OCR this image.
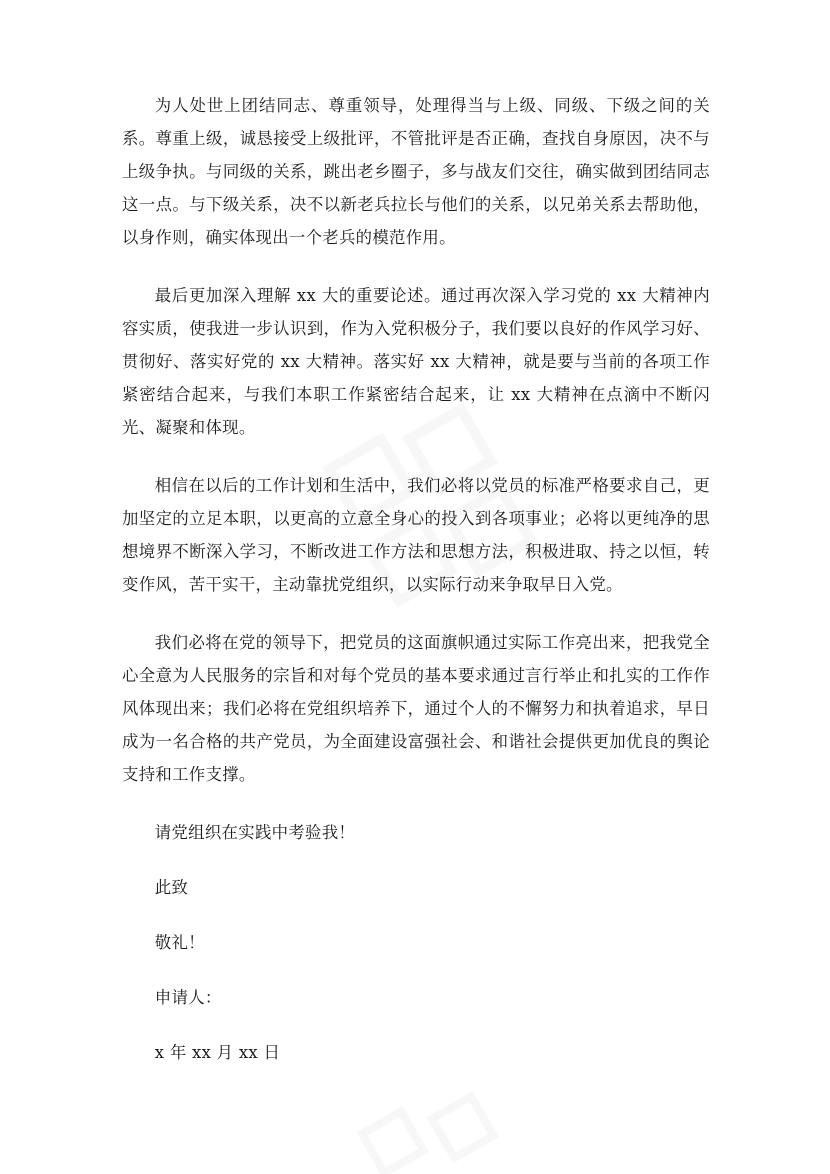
为人处世上团结同志、尊重领导，处理得当与上级、同级、下级之间的关系。尊重上级，诚恳接受上级批评，不管批评是否正确，查找自身原因，决不与上级争执。与同级的关系，跳出老乡圈子，多与战友们交往，确实做到团结同志这一点。与下级关系，决不以新老兵拉长与他们的关系，以兄弟关系去帮助他，以身作则，确实体现出一个老兵的模范作用。

最后更加深入理解 xx 大的重要论述。通过再次深入学习党的 xx 大精神内容实质，使我进一步认识到，作为入党积极分子，我们要以良好的作风学习好、贯彻好、落实好党的 xx 大精神。落实好 xx 大精神，就是要与当前的各项工作紧密结合起来，与我们本职工作紧密结合起来，让 xx 大精神在点滴中不断闪光、凝聚和体现。

相信在以后的工作计划和生活中，我们必将以党员的标准严格要求自己，更加坚定的立足本职，以更高的立意全身心的投入到各项事业；必将以更纯净的思想境界不断深入学习，不断改进工作方法和思想方法，积极进取、持之以恒，转变作风，苦干实干，主动靠扰党组织，以实际行动来争取早日入党。

我们必将在党的领导下，把党员的这面旗帜通过实际工作亮出来，把我党全心全意为人民服务的宗旨和对每个党员的基本要求通过言行举止和扎实的工作作风体现出来；我们必将在党组织培养下，通过个人的不懈努力和执着追求，早日成为一名合格的共产党员，为全面建设富强社会、和谐社会提供更加优良的舆论支持和工作支撑。

请党组织在实践中考验我！

此致

敬礼！

申请人：

x 年 xx 月 xx 日
